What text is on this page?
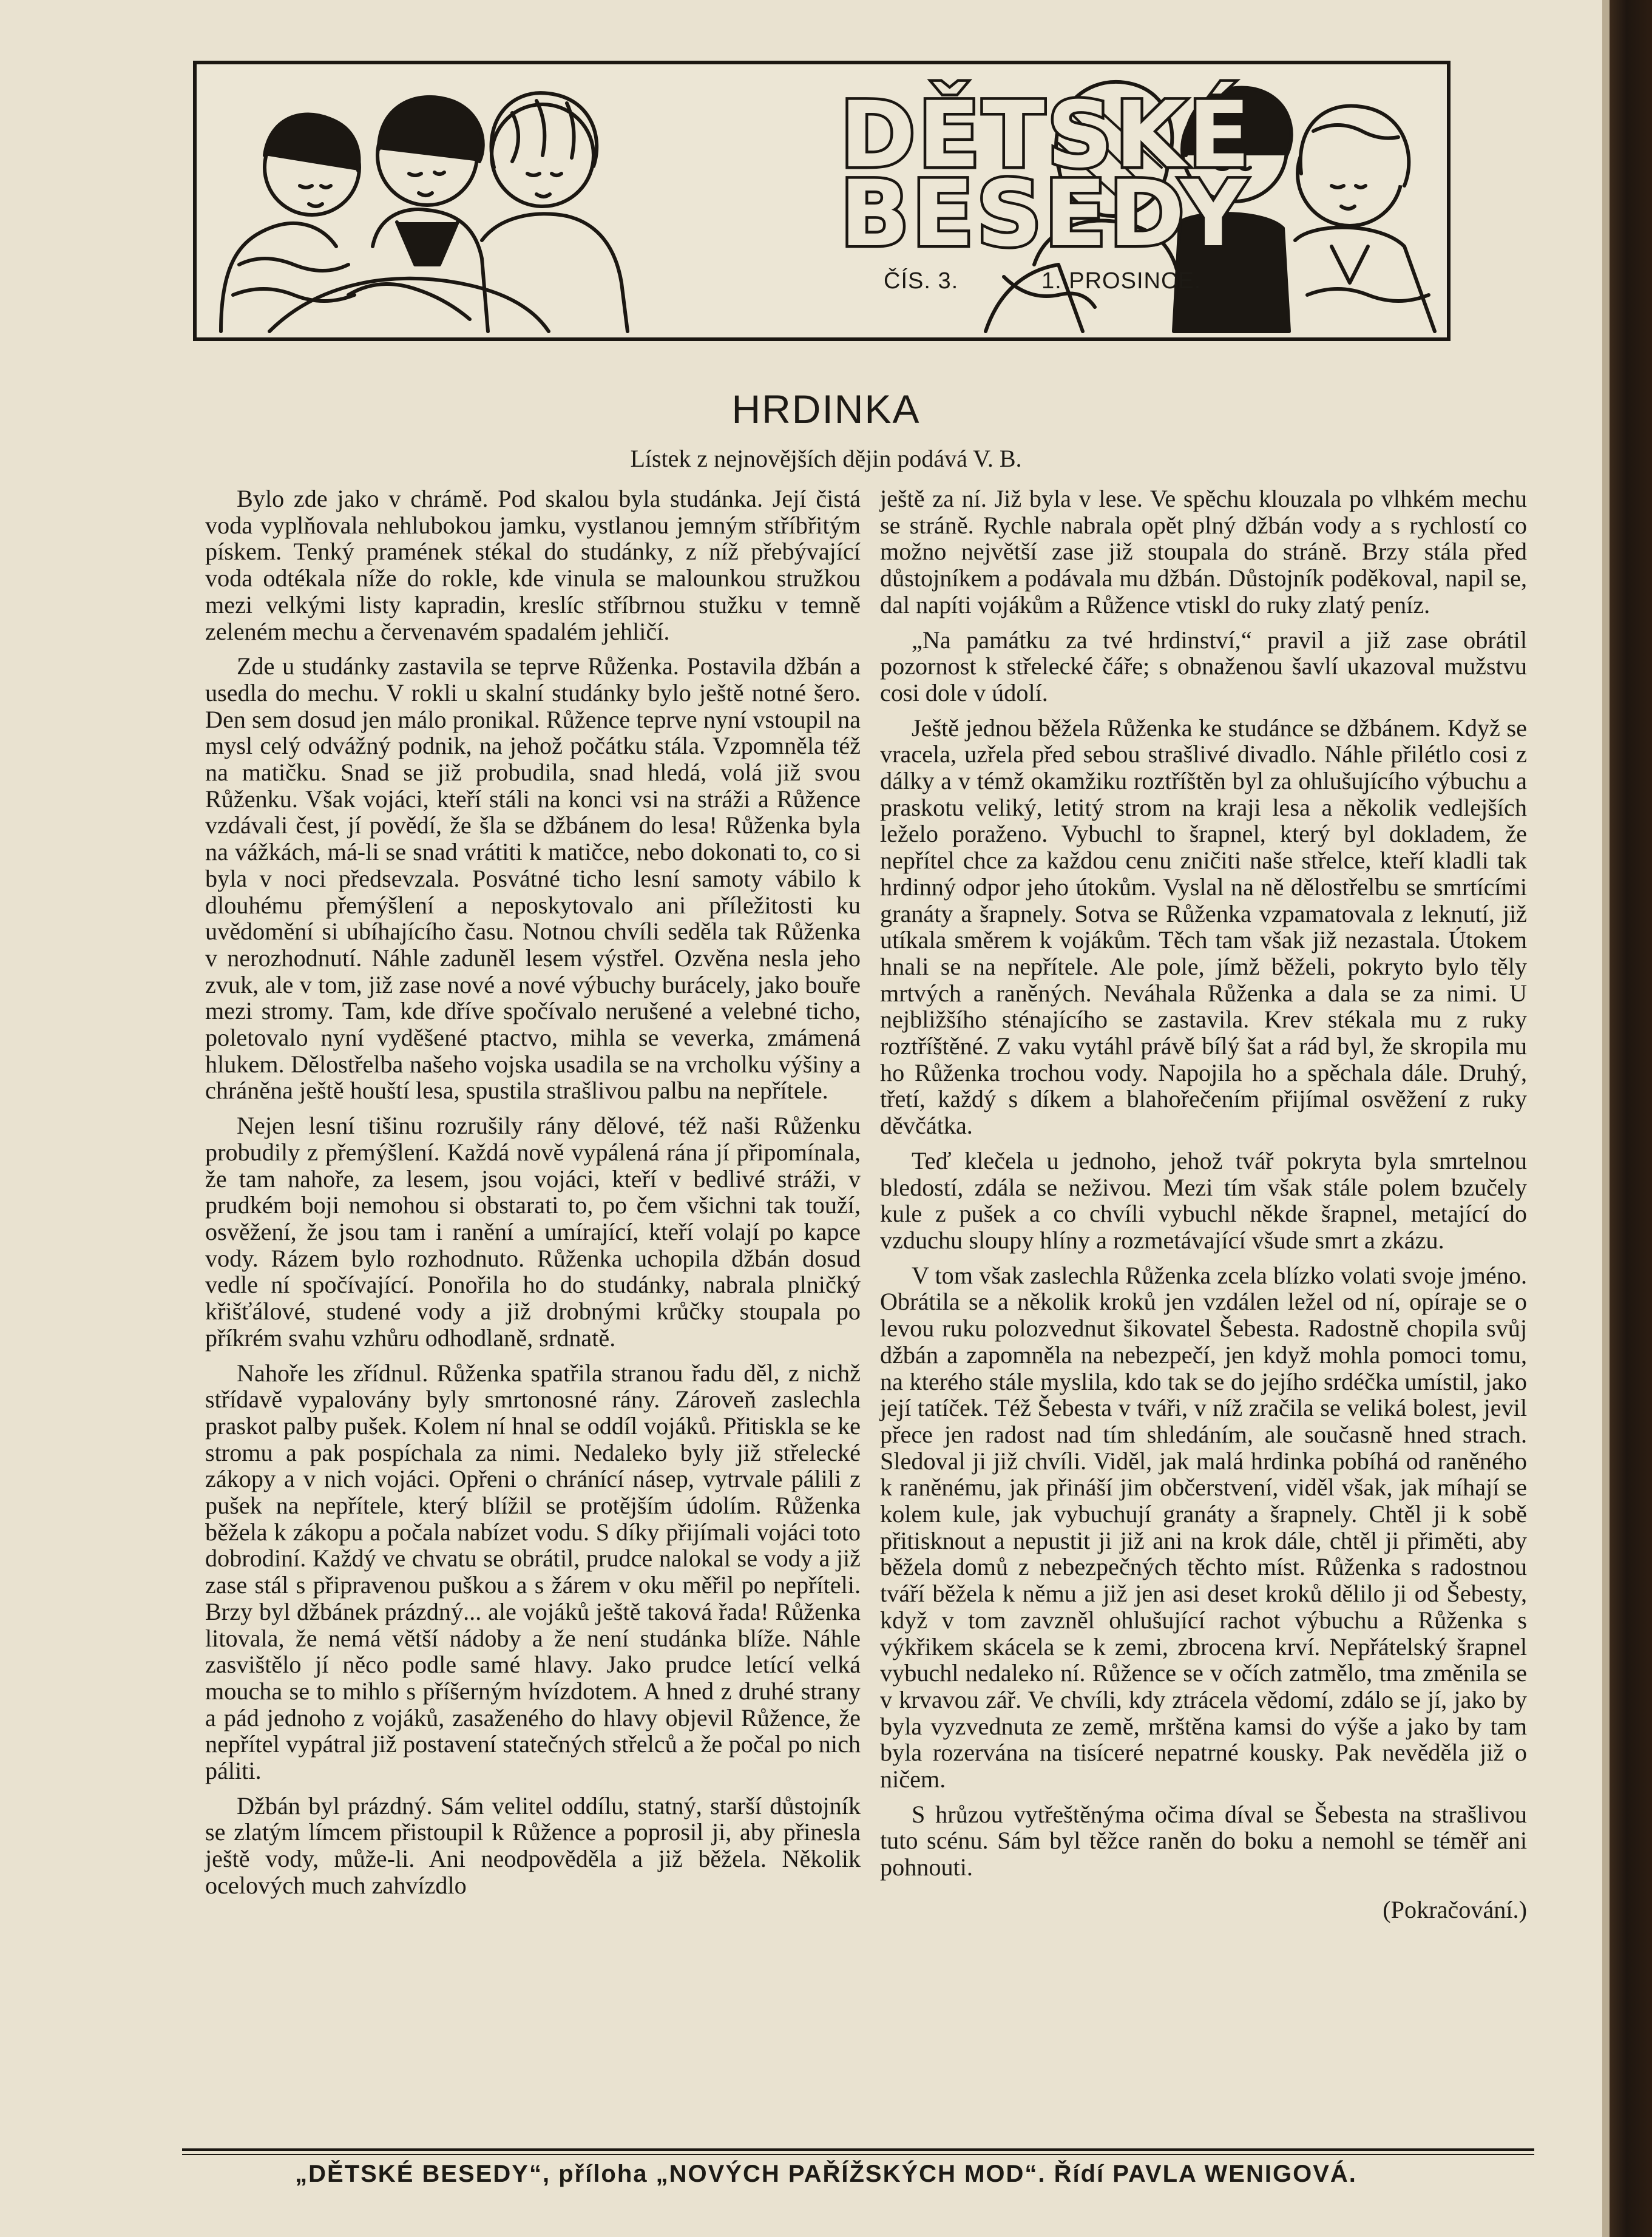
DĚTSKÉ
BESEDY
ČÍS. 3.	1. PROSINCE.
HRDINKA
Lístek z nejnovějších dějin podává V. B.

Bylo zde jako v chrámě. Pod skalou byla studánka. Její čistá voda vyplňovala nehlubokou jamku, vystlanou jemným stříbřitým pískem. Tenký pramének stékal do studánky, z níž přebývající voda odtékala níže do rokle, kde vinula se malounkou stružkou mezi velkými listy kapradin, kreslíc stříbrnou stužku v temně zeleném mechu a červenavém spadalém jehličí.

Zde u studánky zastavila se teprve Růženka. Postavila džbán a usedla do mechu. V rokli u skalní studánky bylo ještě notné šero. Den sem dosud jen málo pronikal. Růžence teprve nyní vstoupil na mysl celý odvážný podnik, na jehož počátku stála. Vzpomněla též na matičku. Snad se již probudila, snad hledá, volá již svou Růženku. Však vojáci, kteří stáli na konci vsi na stráži a Růžence vzdávali čest, jí povědí, že šla se džbánem do lesa! Růženka byla na vážkách, má-li se snad vrátiti k matičce, nebo dokonati to, co si byla v noci předsevzala. Posvátné ticho lesní samoty vábilo k dlouhému přemýšlení a neposkytovalo ani příležitosti ku uvědomění si ubíhajícího času. Notnou chvíli seděla tak Růženka v nerozhodnutí. Náhle zaduněl lesem výstřel. Ozvěna nesla jeho zvuk, ale v tom, již zase nové a nové výbuchy burácely, jako bouře mezi stromy. Tam, kde dříve spočívalo nerušené a velebné ticho, poletovalo nyní vyděšené ptactvo, mihla se veverka, zmámená hlukem. Dělostřelba našeho vojska usadila se na vrcholku výšiny a chráněna ještě houští lesa, spustila strašlivou palbu na nepřítele.

Nejen lesní tišinu rozrušily rány dělové, též naši Růženku probudily z přemýšlení. Každá nově vypálená rána jí připomínala, že tam nahoře, za lesem, jsou vojáci, kteří v bedlivé stráži, v prudkém boji nemohou si obstarati to, po čem všichni tak touží, osvěžení, že jsou tam i ranění a umírající, kteří volají po kapce vody. Rázem bylo rozhodnuto. Růženka uchopila džbán dosud vedle ní spočívající. Ponořila ho do studánky, nabrala plničký křišťálové, studené vody a již drobnými krůčky stoupala po příkrém svahu vzhůru odhodlaně, srdnatě.

Nahoře les zřídnul. Růženka spatřila stranou řadu děl, z nichž střídavě vypalovány byly smrtonosné rány. Zároveň zaslechla praskot palby pušek. Kolem ní hnal se oddíl vojáků. Přitiskla se ke stromu a pak pospíchala za nimi. Nedaleko byly již střelecké zákopy a v nich vojáci. Opřeni o chránící násep, vytrvale pálili z pušek na nepřítele, který blížil se protějším údolím. Růženka běžela k zákopu a počala nabízet vodu. S díky přijímali vojáci toto dobrodiní. Každý ve chvatu se obrátil, prudce nalokal se vody a již zase stál s připravenou puškou a s žárem v oku měřil po nepříteli. Brzy byl džbánek prázdný... ale vojáků ještě taková řada! Růženka litovala, že nemá větší nádoby a že není studánka blíže. Náhle zasvištělo jí něco podle samé hlavy. Jako prudce letící velká moucha se to mihlo s příšerným hvízdotem. A hned z druhé strany a pád jednoho z vojáků, zasaženého do hlavy objevil Růžence, že nepřítel vypátral již postavení statečných střelců a že počal po nich páliti.

Džbán byl prázdný. Sám velitel oddílu, statný, starší důstojník se zlatým límcem přistoupil k Růžence a poprosil ji, aby přinesla ještě vody, může-li. Ani neodpověděla a již běžela. Několik ocelových much zahvízdlo

ještě za ní. Již byla v lese. Ve spěchu klouzala po vlhkém mechu se stráně. Rychle nabrala opět plný džbán vody a s rychlostí co možno největší zase již stoupala do stráně. Brzy stála před důstojníkem a podávala mu džbán. Důstojník poděkoval, napil se, dal napíti vojákům a Růžence vtiskl do ruky zlatý peníz.

„Na památku za tvé hrdinství,“ pravil a již zase obrátil pozornost k střelecké čáře; s obnaženou šavlí ukazoval mužstvu cosi dole v údolí.

Ještě jednou běžela Růženka ke studánce se džbánem. Když se vracela, uzřela před sebou strašlivé divadlo. Náhle přilétlo cosi z dálky a v témž okamžiku roztříštěn byl za ohlušujícího výbuchu a praskotu veliký, letitý strom na kraji lesa a několik vedlejších leželo poraženo. Vybuchl to šrapnel, který byl dokladem, že nepřítel chce za každou cenu zničiti naše střelce, kteří kladli tak hrdinný odpor jeho útokům. Vyslal na ně dělostřelbu se smrtícími granáty a šrapnely. Sotva se Růženka vzpamatovala z leknutí, již utíkala směrem k vojákům. Těch tam však již nezastala. Útokem hnali se na nepřítele. Ale pole, jímž běželi, pokryto bylo těly mrtvých a raněných. Neváhala Růženka a dala se za nimi. U nejbližšího sténajícího se zastavila. Krev stékala mu z ruky roztříštěné. Z vaku vytáhl právě bílý šat a rád byl, že skropila mu ho Růženka trochou vody. Napojila ho a spěchala dále. Druhý, třetí, každý s díkem a blahořečením přijímal osvěžení z ruky děvčátka.

Teď klečela u jednoho, jehož tvář pokryta byla smrtelnou bledostí, zdála se neživou. Mezi tím však stále polem bzučely kule z pušek a co chvíli vybuchl někde šrapnel, metající do vzduchu sloupy hlíny a rozmetávající všude smrt a zkázu.

V tom však zaslechla Růženka zcela blízko volati svoje jméno. Obrátila se a několik kroků jen vzdálen ležel od ní, opíraje se o levou ruku polozvednut šikovatel Šebesta. Radostně chopila svůj džbán a zapomněla na nebezpečí, jen když mohla pomoci tomu, na kterého stále myslila, kdo tak se do jejího srdéčka umístil, jako její tatíček. Též Šebesta v tváři, v níž zračila se veliká bolest, jevil přece jen radost nad tím shledáním, ale současně hned strach. Sledoval ji již chvíli. Viděl, jak malá hrdinka pobíhá od raněného k raněnému, jak přináší jim občerstvení, viděl však, jak míhají se kolem kule, jak vybuchují granáty a šrapnely. Chtěl ji k sobě přitisknout a nepustit ji již ani na krok dále, chtěl ji přiměti, aby běžela domů z nebezpečných těchto míst. Růženka s radostnou tváří běžela k němu a již jen asi deset kroků dělilo ji od Šebesty, když v tom zavzněl ohlušující rachot výbuchu a Růženka s výkřikem skácela se k zemi, zbrocena krví. Nepřátelský šrapnel vybuchl nedaleko ní. Růžence se v očích zatmělo, tma změnila se v krvavou zář. Ve chvíli, kdy ztrácela vědomí, zdálo se jí, jako by byla vyzvednuta ze země, mrštěna kamsi do výše a jako by tam byla rozervána na tisíceré nepatrné kousky. Pak nevěděla již o ničem.

S hrůzou vytřeštěnýma očima díval se Šebesta na strašlivou tuto scénu. Sám byl těžce raněn do boku a nemohl se téměř ani pohnouti.

(Pokračování.)

„DĚTSKÉ BESEDY“, příloha „NOVÝCH PAŘÍŽSKÝCH MOD“. Řídí PAVLA WENIGOVÁ.
